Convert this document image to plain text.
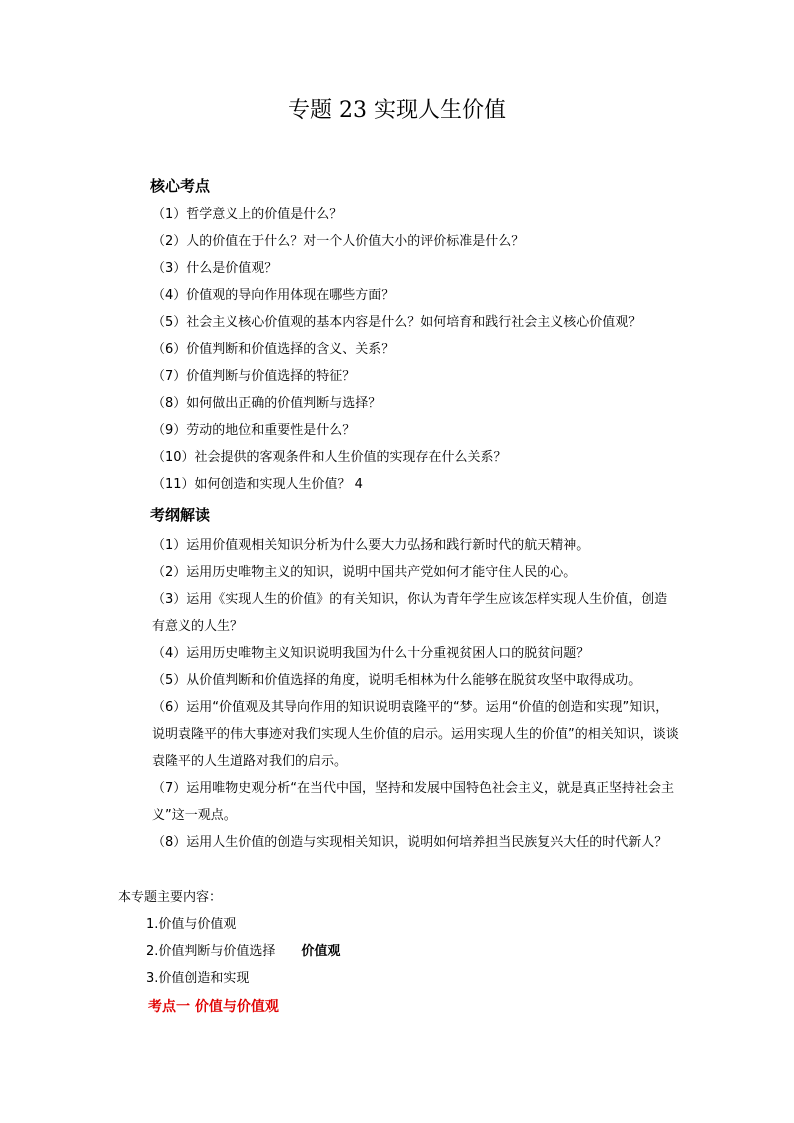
专题 23 实现人生价值
核心考点
（1）哲学意义上的价值是什么？
（2）人的价值在于什么？对一个人价值大小的评价标准是什么？
（3）什么是价值观？
（4）价值观的导向作用体现在哪些方面？
（5）社会主义核心价值观的基本内容是什么？如何培育和践行社会主义核心价值观？
（6）价值判断和价值选择的含义、关系？
（7）价值判断与价值选择的特征？
（8）如何做出正确的价值判断与选择？
（9）劳动的地位和重要性是什么？
（10）社会提供的客观条件和人生价值的实现存在什么关系？
（11）如何创造和实现人生价值？ 4
考纲解读
（1）运用价值观相关知识分析为什么要大力弘扬和践行新时代的航天精神。
（2）运用历史唯物主义的知识，说明中国共产党如何才能守住人民的心。
（3）运用《实现人生的价值》的有关知识，你认为青年学生应该怎样实现人生价值，创造有意义的人生？
（4）运用历史唯物主义知识说明我国为什么十分重视贫困人口的脱贫问题？
（5）从价值判断和价值选择的角度，说明毛相林为什么能够在脱贫攻坚中取得成功。
（6）运用“价值观及其导向作用的知识说明袁隆平的“梦。运用“价值的创造和实现”知识，说明袁隆平的伟大事迹对我们实现人生价值的启示。运用实现人生的价值”的相关知识，谈谈袁隆平的人生道路对我们的启示。
（7）运用唯物史观分析“在当代中国，坚持和发展中国特色社会主义，就是真正坚持社会主义”这一观点。
（8）运用人生价值的创造与实现相关知识，说明如何培养担当民族复兴大任的时代新人？
本专题主要内容：
1.价值与价值观
2.价值判断与价值选择 价值观
3.价值创造和实现
考点一 价值与价值观
